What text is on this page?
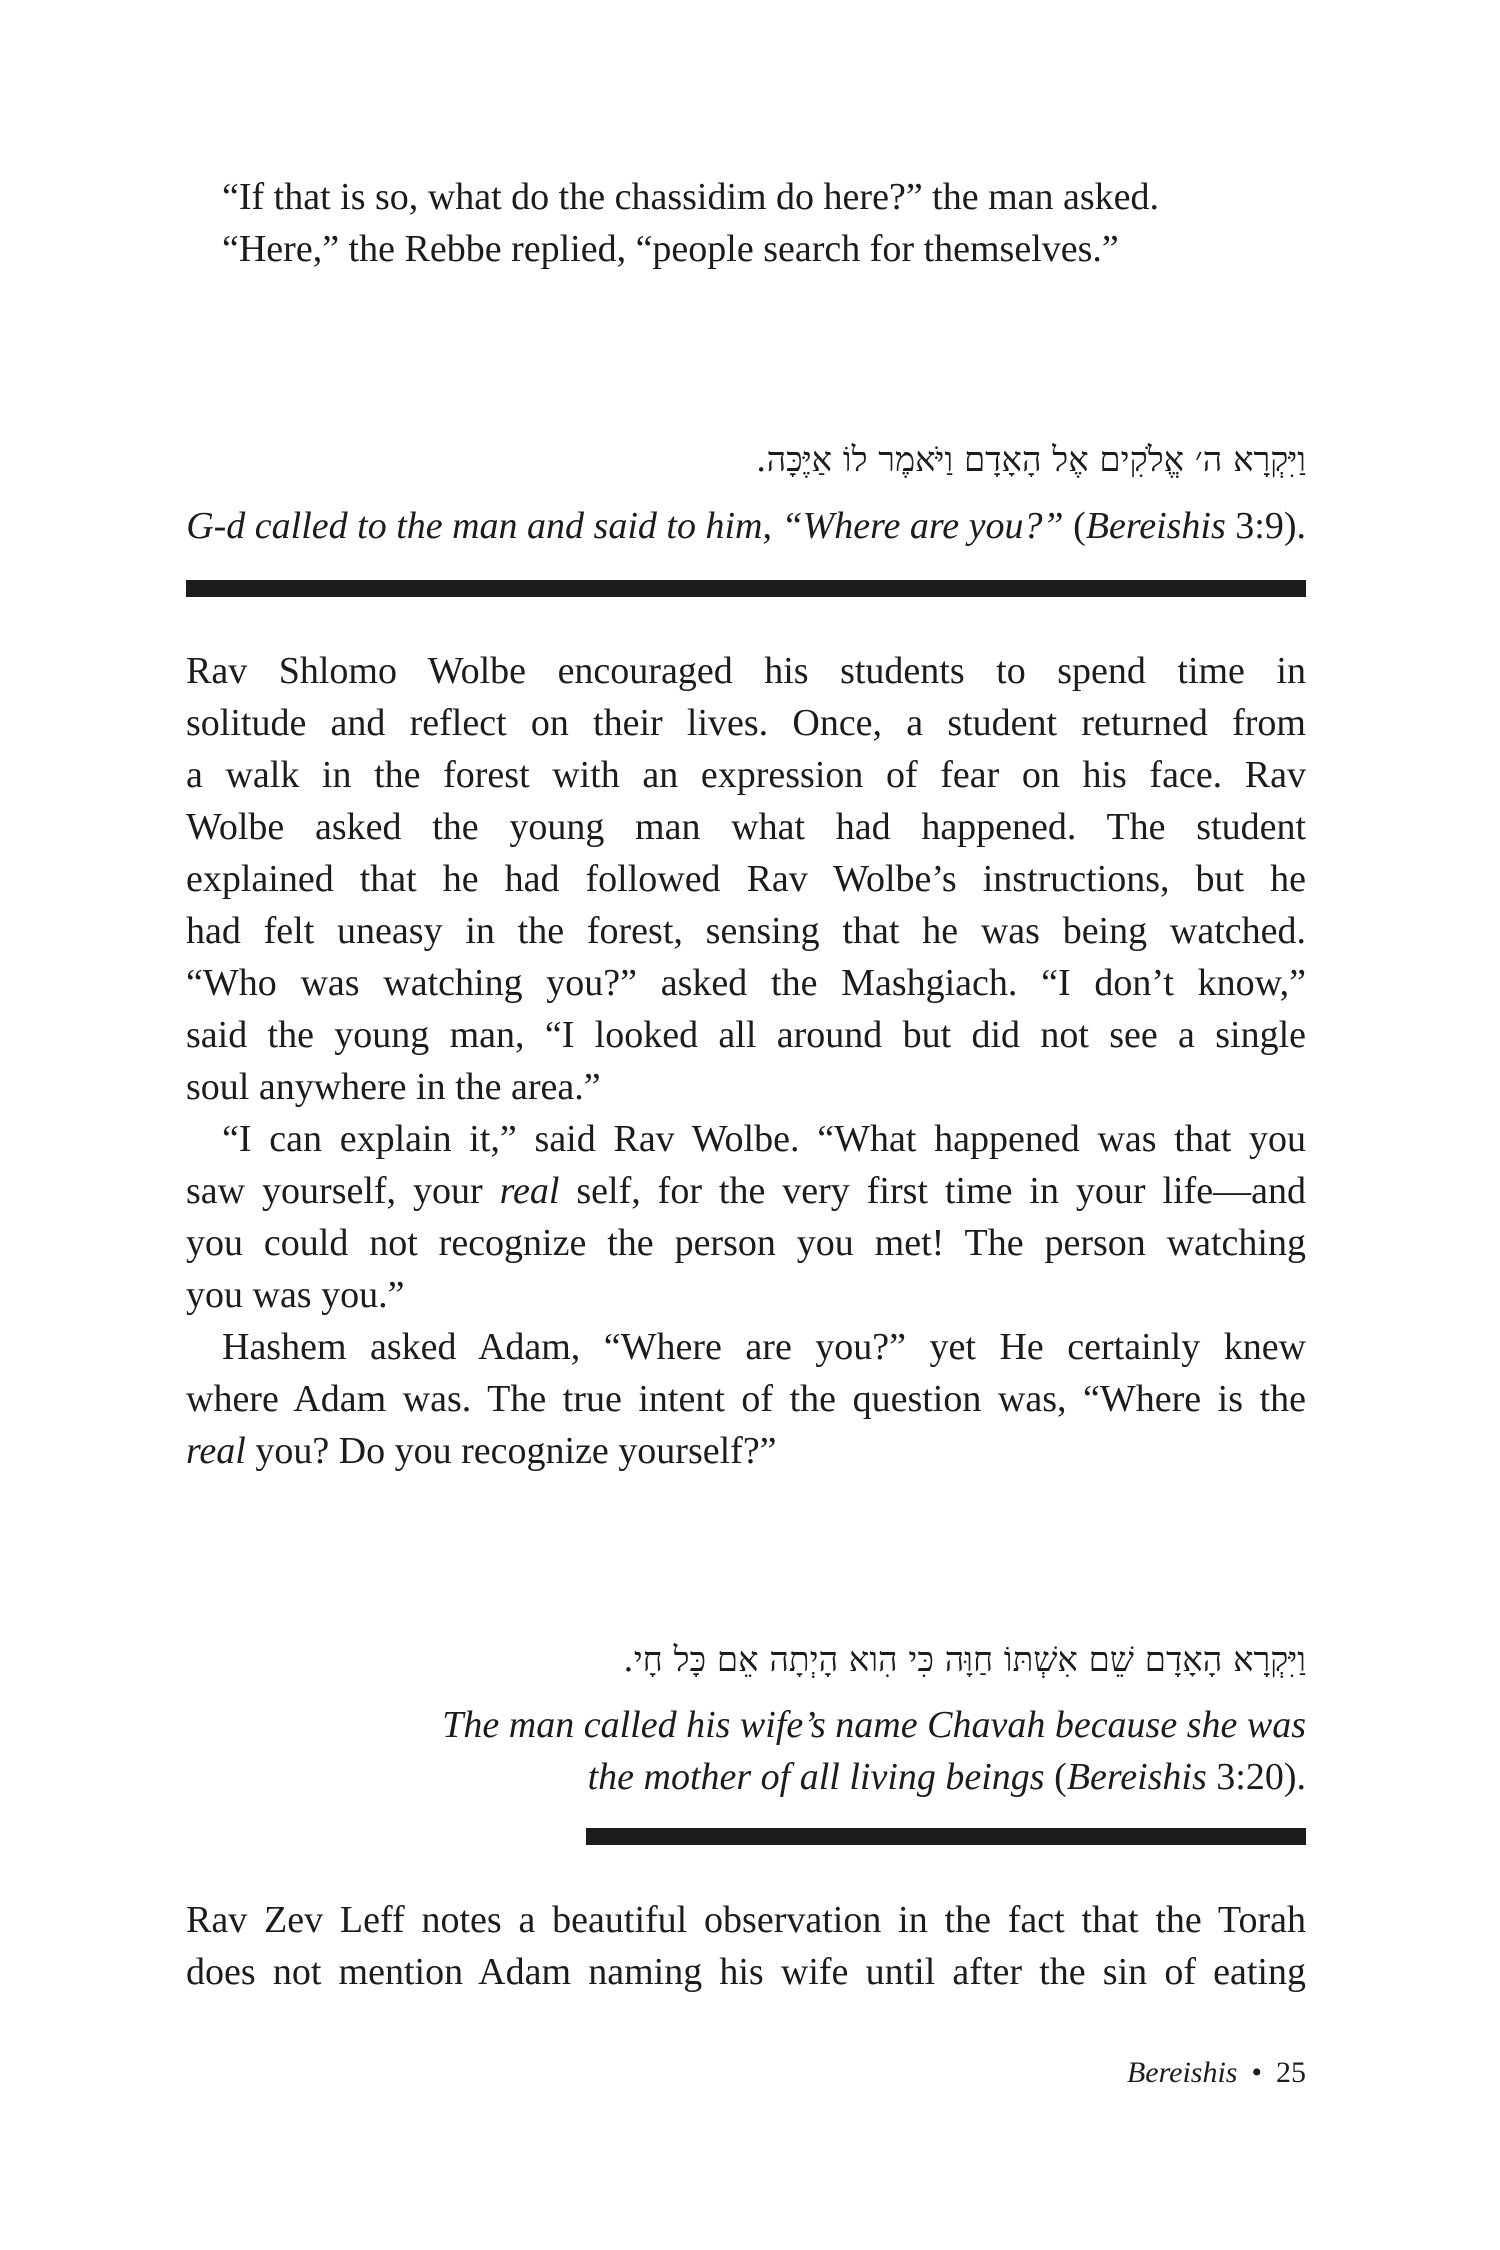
“If that is so, what do the chassidim do here?” the man asked.
“Here,” the Rebbe replied, “people search for themselves.”

וַיִּקְרָא ה׳ אֱלֹקִים אֶל הָאָדָם וַיֹּאמֶר לוֹ אַיֶּכָּה.
G-d called to the man and said to him, “Where are you?” (Bereishis 3:9).

Rav Shlomo Wolbe encouraged his students to spend time in
solitude and reflect on their lives. Once, a student returned from
a walk in the forest with an expression of fear on his face. Rav
Wolbe asked the young man what had happened. The student
explained that he had followed Rav Wolbe’s instructions, but he
had felt uneasy in the forest, sensing that he was being watched.
“Who was watching you?” asked the Mashgiach. “I don’t know,”
said the young man, “I looked all around but did not see a single
soul anywhere in the area.”

“I can explain it,” said Rav Wolbe. “What happened was that you
saw yourself, your real self, for the very first time in your life—and
you could not recognize the person you met! The person watching
you was you.”

Hashem asked Adam, “Where are you?” yet He certainly knew
where Adam was. The true intent of the question was, “Where is the
real you? Do you recognize yourself?”

וַיִּקְרָא הָאָדָם שֵׁם אִשְׁתּוֹ חַוָּה כִּי הִוא הָיְתָה אֵם כָּל חָי.
The man called his wife’s name Chavah because she was
the mother of all living beings (Bereishis 3:20).

Rav Zev Leff notes a beautiful observation in the fact that the Torah
does not mention Adam naming his wife until after the sin of eating

Bereishis • 25
